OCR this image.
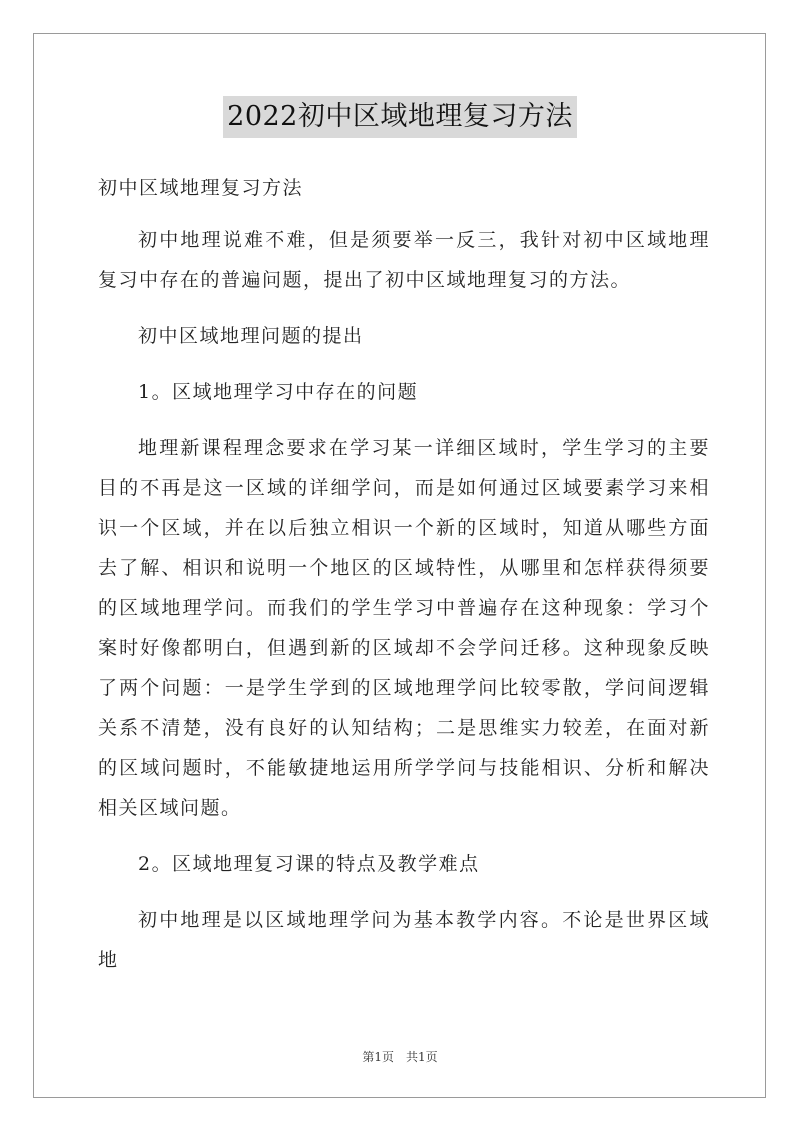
2022初中区域地理复习方法

初中区域地理复习方法

初中地理说难不难，但是须要举一反三，我针对初中区域地理复习中存在的普遍问题，提出了初中区域地理复习的方法。

初中区域地理问题的提出

1。区域地理学习中存在的问题

地理新课程理念要求在学习某一详细区域时，学生学习的主要目的不再是这一区域的详细学问，而是如何通过区域要素学习来相识一个区域，并在以后独立相识一个新的区域时，知道从哪些方面去了解、相识和说明一个地区的区域特性，从哪里和怎样获得须要的区域地理学问。而我们的学生学习中普遍存在这种现象：学习个案时好像都明白，但遇到新的区域却不会学问迁移。这种现象反映了两个问题：一是学生学到的区域地理学问比较零散，学问间逻辑关系不清楚，没有良好的认知结构；二是思维实力较差，在面对新的区域问题时，不能敏捷地运用所学学问与技能相识、分析和解决相关区域问题。

2。区域地理复习课的特点及教学难点

初中地理是以区域地理学问为基本教学内容。不论是世界区域地

第1页　共1页
